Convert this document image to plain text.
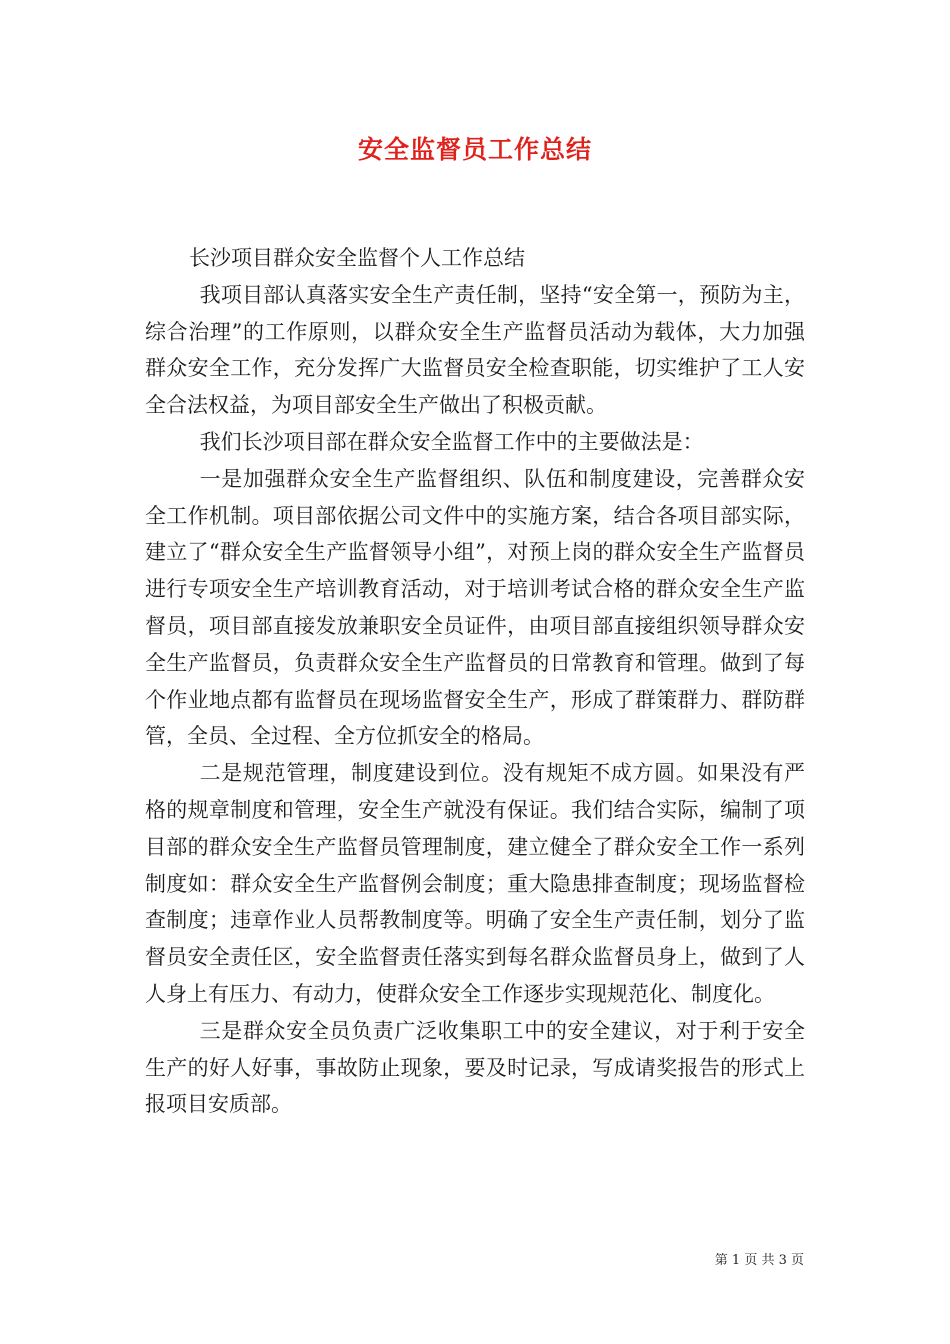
安全监督员工作总结

长沙项目群众安全监督个人工作总结

我项目部认真落实安全生产责任制，坚持“安全第一，预防为主，综合治理”的工作原则，以群众安全生产监督员活动为载体，大力加强群众安全工作，充分发挥广大监督员安全检查职能，切实维护了工人安全合法权益，为项目部安全生产做出了积极贡献。

我们长沙项目部在群众安全监督工作中的主要做法是：

一是加强群众安全生产监督组织、队伍和制度建设，完善群众安全工作机制。项目部依据公司文件中的实施方案，结合各项目部实际，建立了“群众安全生产监督领导小组”，对预上岗的群众安全生产监督员进行专项安全生产培训教育活动，对于培训考试合格的群众安全生产监督员，项目部直接发放兼职安全员证件，由项目部直接组织领导群众安全生产监督员，负责群众安全生产监督员的日常教育和管理。做到了每个作业地点都有监督员在现场监督安全生产，形成了群策群力、群防群管，全员、全过程、全方位抓安全的格局。

二是规范管理，制度建设到位。没有规矩不成方圆。如果没有严格的规章制度和管理，安全生产就没有保证。我们结合实际，编制了项目部的群众安全生产监督员管理制度，建立健全了群众安全工作一系列制度如：群众安全生产监督例会制度；重大隐患排查制度；现场监督检查制度；违章作业人员帮教制度等。明确了安全生产责任制，划分了监督员安全责任区，安全监督责任落实到每名群众监督员身上，做到了人人身上有压力、有动力，使群众安全工作逐步实现规范化、制度化。

三是群众安全员负责广泛收集职工中的安全建议，对于利于安全生产的好人好事，事故防止现象，要及时记录，写成请奖报告的形式上报项目安质部。

第 1 页 共 3 页
